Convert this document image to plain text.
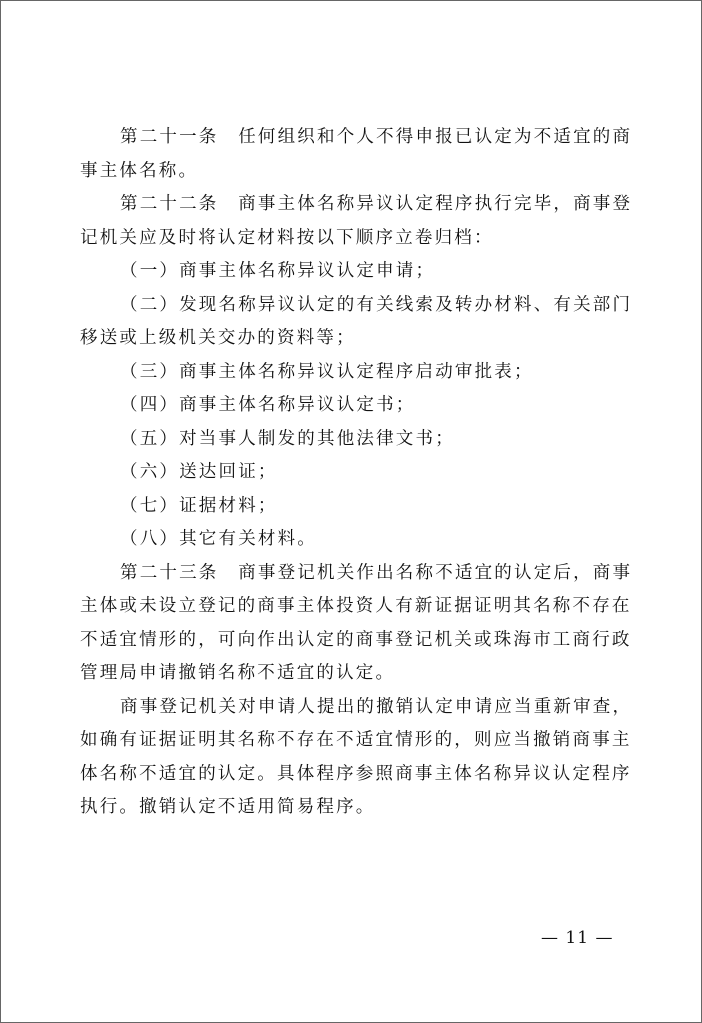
第二十一条　任何组织和个人不得申报已认定为不适宜的商事主体名称。

第二十二条　商事主体名称异议认定程序执行完毕，商事登记机关应及时将认定材料按以下顺序立卷归档：

（一）商事主体名称异议认定申请；

（二）发现名称异议认定的有关线索及转办材料、有关部门移送或上级机关交办的资料等；

（三）商事主体名称异议认定程序启动审批表；

（四）商事主体名称异议认定书；

（五）对当事人制发的其他法律文书；

（六）送达回证；

（七）证据材料；

（八）其它有关材料。

第二十三条　商事登记机关作出名称不适宜的认定后，商事主体或未设立登记的商事主体投资人有新证据证明其名称不存在不适宜情形的，可向作出认定的商事登记机关或珠海市工商行政管理局申请撤销名称不适宜的认定。

商事登记机关对申请人提出的撤销认定申请应当重新审查，如确有证据证明其名称不存在不适宜情形的，则应当撤销商事主体名称不适宜的认定。具体程序参照商事主体名称异议认定程序执行。撤销认定不适用简易程序。

— 11 —
